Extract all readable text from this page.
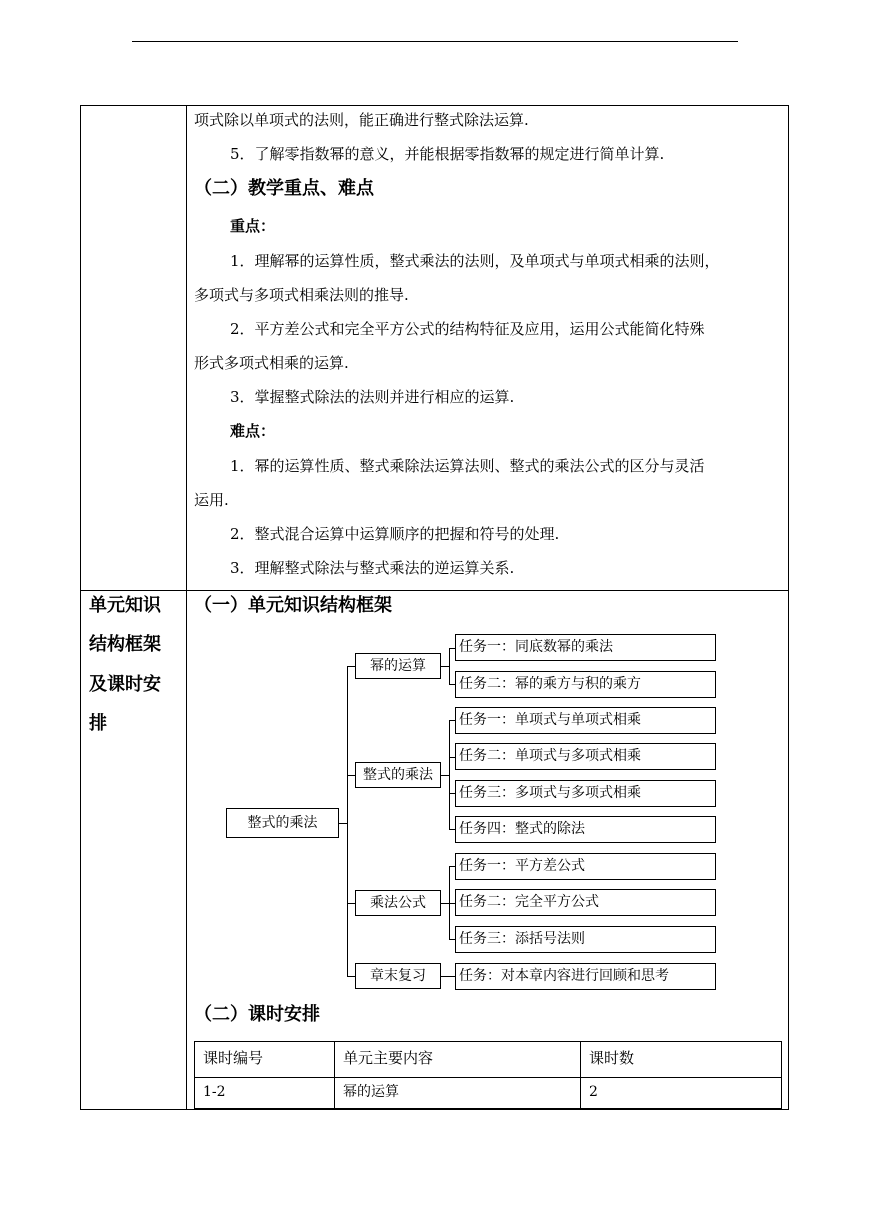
项式除以单项式的法则，能正确进行整式除法运算.
5．了解零指数幂的意义，并能根据零指数幂的规定进行简单计算.
（二）教学重点、难点
重点：
1．理解幂的运算性质，整式乘法的法则，及单项式与单项式相乘的法则，
多项式与多项式相乘法则的推导.
2．平方差公式和完全平方公式的结构特征及应用，运用公式能简化特殊
形式多项式相乘的运算.
3．掌握整式除法的法则并进行相应的运算.
难点：
1．幂的运算性质、整式乘除法运算法则、整式的乘法公式的区分与灵活
运用.
2．整式混合运算中运算顺序的把握和符号的处理.
3．理解整式除法与整式乘法的逆运算关系.
单元知识
结构框架
及课时安
排
（一）单元知识结构框架
整式的乘法
幂的运算
整式的乘法
乘法公式
章末复习
任务一：同底数幂的乘法
任务二：幂的乘方与积的乘方
任务一：单项式与单项式相乘
任务二：单项式与多项式相乘
任务三：多项式与多项式相乘
任务四：整式的除法
任务一：平方差公式
任务二：完全平方公式
任务三：添括号法则
任务：对本章内容进行回顾和思考
（二）课时安排
课时编号	单元主要内容	课时数
1-2	幂的运算	2
